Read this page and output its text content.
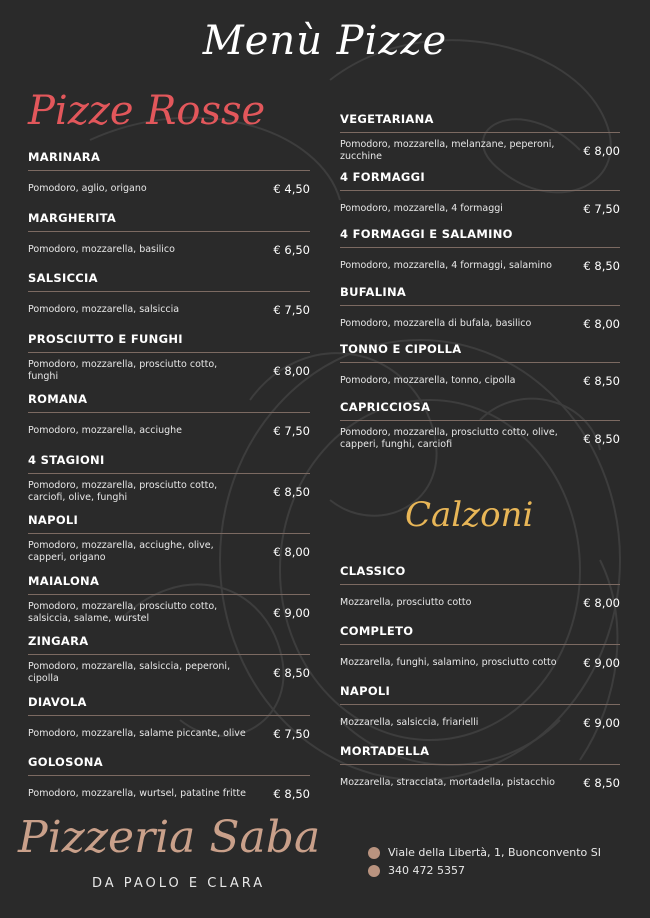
Menù Pizze
Pizze Rosse
MARINARA
Pomodoro, aglio, origano	€ 4,50
MARGHERITA
Pomodoro, mozzarella, basilico	€ 6,50
SALSICCIA
Pomodoro, mozzarella, salsiccia	€ 7,50
PROSCIUTTO E FUNGHI
Pomodoro, mozzarella, prosciutto cotto, funghi	€ 8,00
ROMANA
Pomodoro, mozzarella, acciughe	€ 7,50
4 STAGIONI
Pomodoro, mozzarella, prosciutto cotto, carciofi, olive, funghi	€ 8,50
NAPOLI
Pomodoro, mozzarella, acciughe, olive, capperi, origano	€ 8,00
MAIALONA
Pomodoro, mozzarella, prosciutto cotto, salsiccia, salame, wurstel	€ 9,00
ZINGARA
Pomodoro, mozzarella, salsiccia, peperoni, cipolla	€ 8,50
DIAVOLA
Pomodoro, mozzarella, salame piccante, olive € 7,50
GOLOSONA
Pomodoro, mozzarella, wurtsel, patatine fritte € 8,50
VEGETARIANA
Pomodoro, mozzarella, melanzane, peperoni, zucchine	€ 8,00
4 FORMAGGI
Pomodoro, mozzarella, 4 formaggi	€ 7,50
4 FORMAGGI E SALAMINO
Pomodoro, mozzarella, 4 formaggi, salamino	€ 8,50
BUFALINA
Pomodoro, mozzarella di bufala, basilico	€ 8,00
TONNO E CIPOLLA
Pomodoro, mozzarella, tonno, cipolla	€ 8,50
CAPRICCIOSA
Pomodoro, mozzarella, prosciutto cotto, olive, capperi, funghi, carciofi	€ 8,50
Calzoni
CLASSICO
Mozzarella, prosciutto cotto	€ 8,00
COMPLETO
Mozzarella, funghi, salamino, prosciutto cotto € 9,00
NAPOLI
Mozzarella, salsiccia, friarielli	€ 9,00
MORTADELLA
Mozzarella, stracciata, mortadella, pistacchio	€ 8,50
Pizzeria Saba
DA PAOLO E CLARA
Viale della Libertà, 1, Buonconvento SI
340 472 5357
